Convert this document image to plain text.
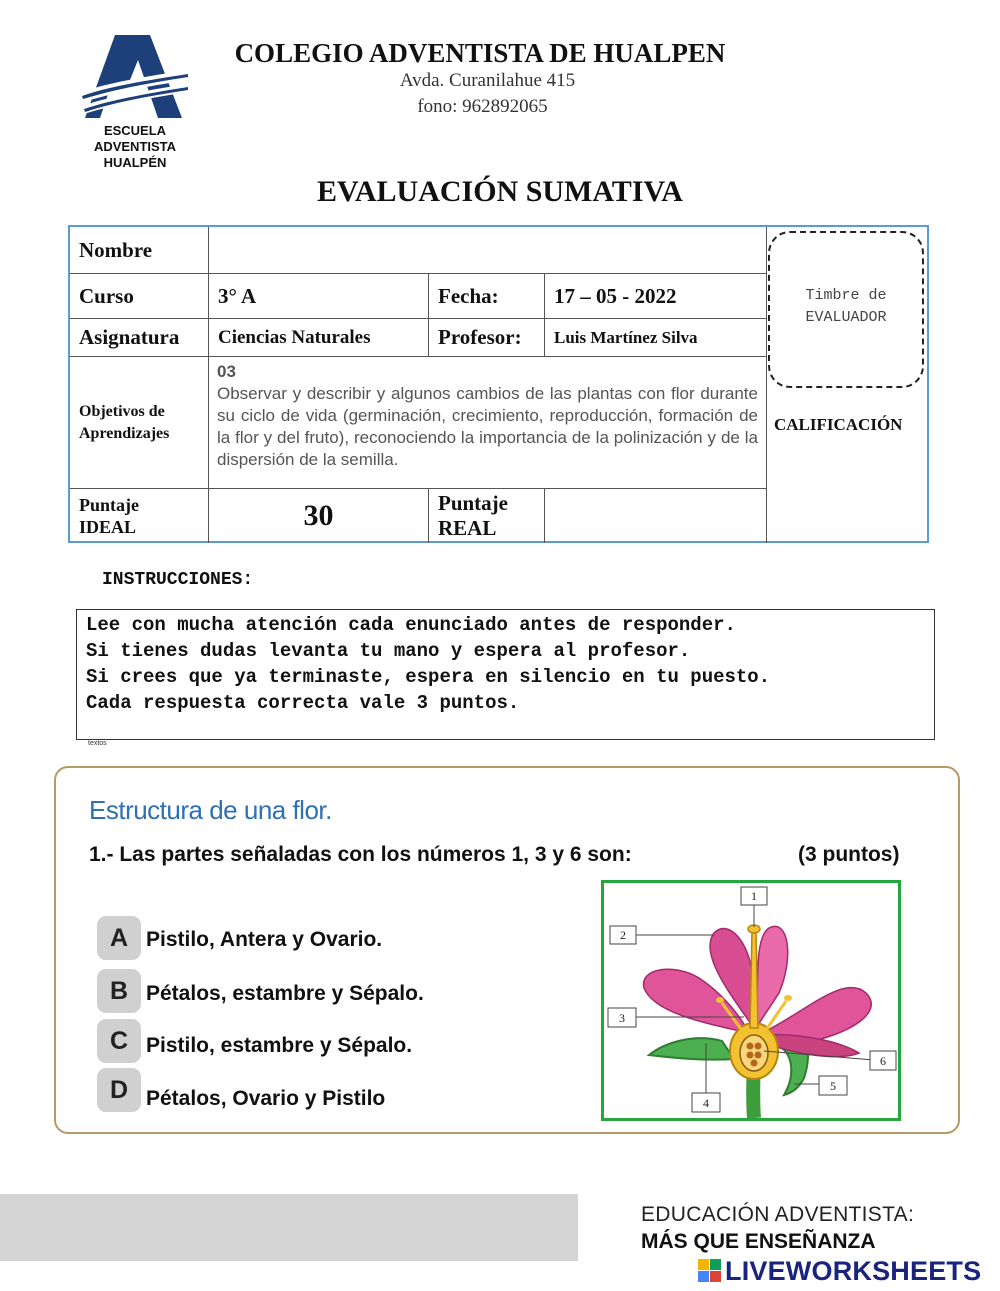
ESCUELA
ADVENTISTA
HUALPÉN
COLEGIO ADVENTISTA DE HUALPEN
Avda. Curanilahue 415
fono: 962892065
EVALUACIÓN SUMATIVA
Nombre
Curso	3° A	Fecha:	17 – 05 - 2022
Asignatura	Ciencias Naturales	Profesor:	Luis Martínez Silva
Objetivos de
Aprendizajes
03
Observar y describir y algunos cambios de las plantas con flor durante su ciclo de vida (germinación, crecimiento, reproducción, formación de la flor y del fruto), reconociendo la importancia de la polinización y de la dispersión de la semilla.
Puntaje
IDEAL	30	Puntaje
REAL
Timbre de
EVALUADOR
CALIFICACIÓN
INSTRUCCIONES:
Lee con mucha atención cada enunciado antes de responder.
Si tienes dudas levanta tu mano y espera al profesor.
Si crees que ya terminaste, espera en silencio en tu puesto.
Cada respuesta correcta vale 3 puntos.
textos
Estructura de una flor.
1.- Las partes señaladas con los números 1, 3 y 6 son:	(3 puntos)
A Pistilo, Antera y Ovario.
B Pétalos, estambre y Sépalo.
C Pistilo, estambre y Sépalo.
D Pétalos, Ovario y Pistilo
1
2
3
4
5
6
EDUCACIÓN ADVENTISTA:
MÁS QUE ENSEÑANZA
LIVEWORKSHEETS
